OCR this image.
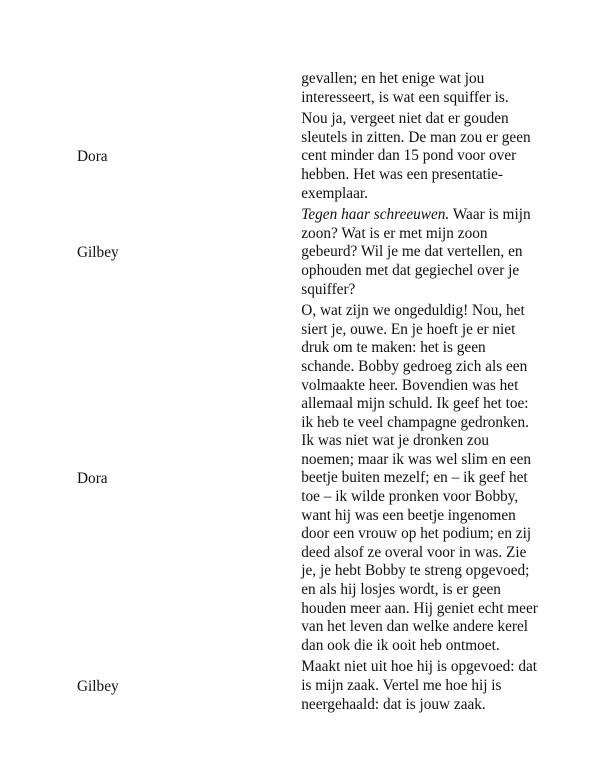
	gevallen; en het enige wat jou interesseert, is wat een squiffer is.
Dora	Nou ja, vergeet niet dat er gouden sleutels in zitten. De man zou er geen cent minder dan 15 pond voor over hebben. Het was een presentatie-exemplaar.
Gilbey	Tegen haar schreeuwen. Waar is mijn zoon? Wat is er met mijn zoon gebeurd? Wil je me dat vertellen, en ophouden met dat gegiechel over je squiffer?
Dora	O, wat zijn we ongeduldig! Nou, het siert je, ouwe. En je hoeft je er niet druk om te maken: het is geen schande. Bobby gedroeg zich als een volmaakte heer. Bovendien was het allemaal mijn schuld. Ik geef het toe: ik heb te veel champagne gedronken. Ik was niet wat je dronken zou noemen; maar ik was wel slim en een beetje buiten mezelf; en – ik geef het toe – ik wilde pronken voor Bobby, want hij was een beetje ingenomen door een vrouw op het podium; en zij deed alsof ze overal voor in was. Zie je, je hebt Bobby te streng opgevoed; en als hij losjes wordt, is er geen houden meer aan. Hij geniet echt meer van het leven dan welke andere kerel dan ook die ik ooit heb ontmoet.
Gilbey	Maakt niet uit hoe hij is opgevoed: dat is mijn zaak. Vertel me hoe hij is neergehaald: dat is jouw zaak.
